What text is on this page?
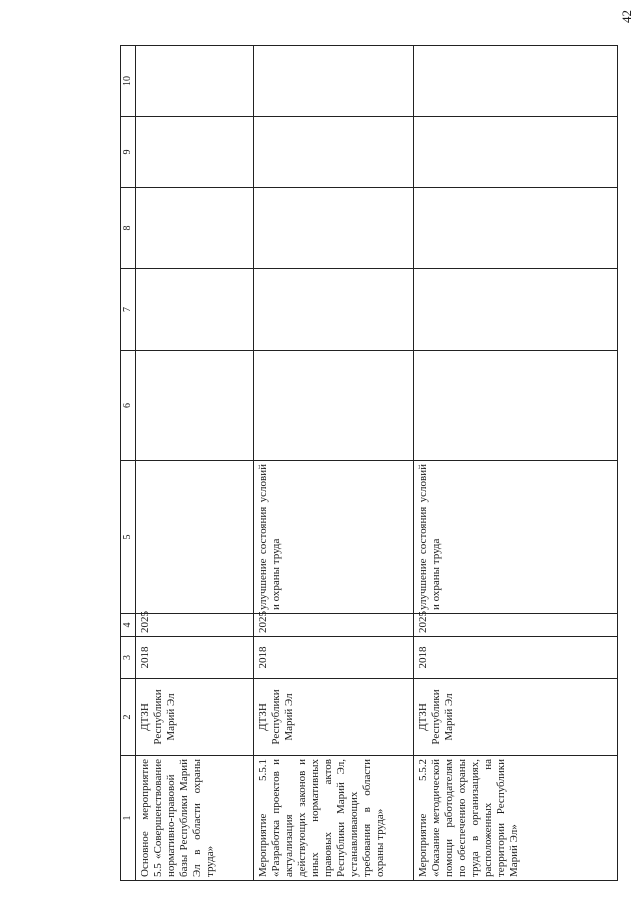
42
1	2	3	4	5	6	7	8	9	10
Основное мероприятие 5.5 «Совершенствование нормативно-правовой базы Республики Марий Эл в области охраны труда»	ДТЗН Республики Марий Эл	2018	2025						
Мероприятие 5.5.1 «Разработка проектов и актуализация действующих законов и иных нормативных правовых актов Республики Марий Эл, устанавливающих требования в области охраны труда»	ДТЗН Республики Марий Эл	2018	2025	улучшение состояния условий и охраны труда					
Мероприятие 5.5.2 «Оказание методической помощи работодателям по обеспечению охраны труда в организациях, расположенных на территории Республики Марий Эл»	ДТЗН Республики Марий Эл	2018	2025	улучшение состояния условий и охраны труда					
